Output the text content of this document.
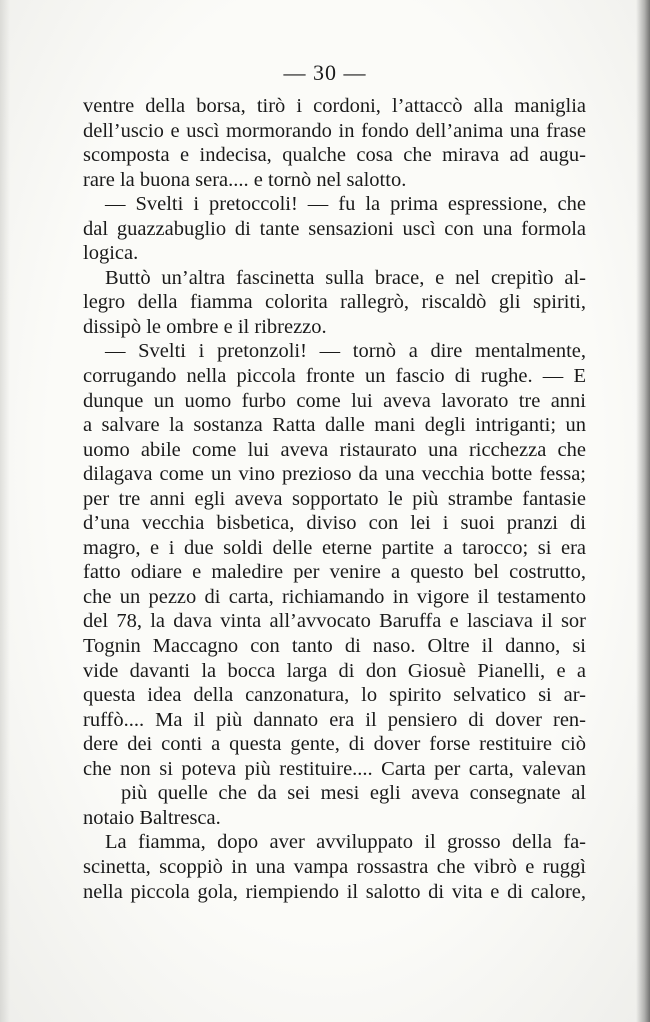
— 30 —
ventre della borsa, tirò i cordoni, l’attaccò alla maniglia
dell’uscio e uscì mormorando in fondo dell’anima una frase
scomposta e indecisa, qualche cosa che mirava ad augu-
rare la buona sera.... e tornò nel salotto.
— Svelti i pretoccoli! — fu la prima espressione, che
dal guazzabuglio di tante sensazioni uscì con una formola
logica.
Buttò un’altra fascinetta sulla brace, e nel crepitìo al-
legro della fiamma colorita rallegrò, riscaldò gli spiriti,
dissipò le ombre e il ribrezzo.
— Svelti i pretonzoli! — tornò a dire mentalmente,
corrugando nella piccola fronte un fascio di rughe. — E
dunque un uomo furbo come lui aveva lavorato tre anni
a salvare la sostanza Ratta dalle mani degli intriganti; un
uomo abile come lui aveva ristaurato una ricchezza che
dilagava come un vino prezioso da una vecchia botte fessa;
per tre anni egli aveva sopportato le più strambe fantasie
d’una vecchia bisbetica, diviso con lei i suoi pranzi di
magro, e i due soldi delle eterne partite a tarocco; si era
fatto odiare e maledire per venire a questo bel costrutto,
che un pezzo di carta, richiamando in vigore il testamento
del 78, la dava vinta all’avvocato Baruffa e lasciava il sor
Tognin Maccagno con tanto di naso. Oltre il danno, si
vide davanti la bocca larga di don Giosuè Pianelli, e a
questa idea della canzonatura, lo spirito selvatico si ar-
ruffò.... Ma il più dannato era il pensiero di dover ren-
dere dei conti a questa gente, di dover forse restituire ciò
che non si poteva più restituire.... Carta per carta, valevan
più quelle che da sei mesi egli aveva consegnate al
notaio Baltresca.
La fiamma, dopo aver avviluppato il grosso della fa-
scinetta, scoppiò in una vampa rossastra che vibrò e ruggì
nella piccola gola, riempiendo il salotto di vita e di calore,
